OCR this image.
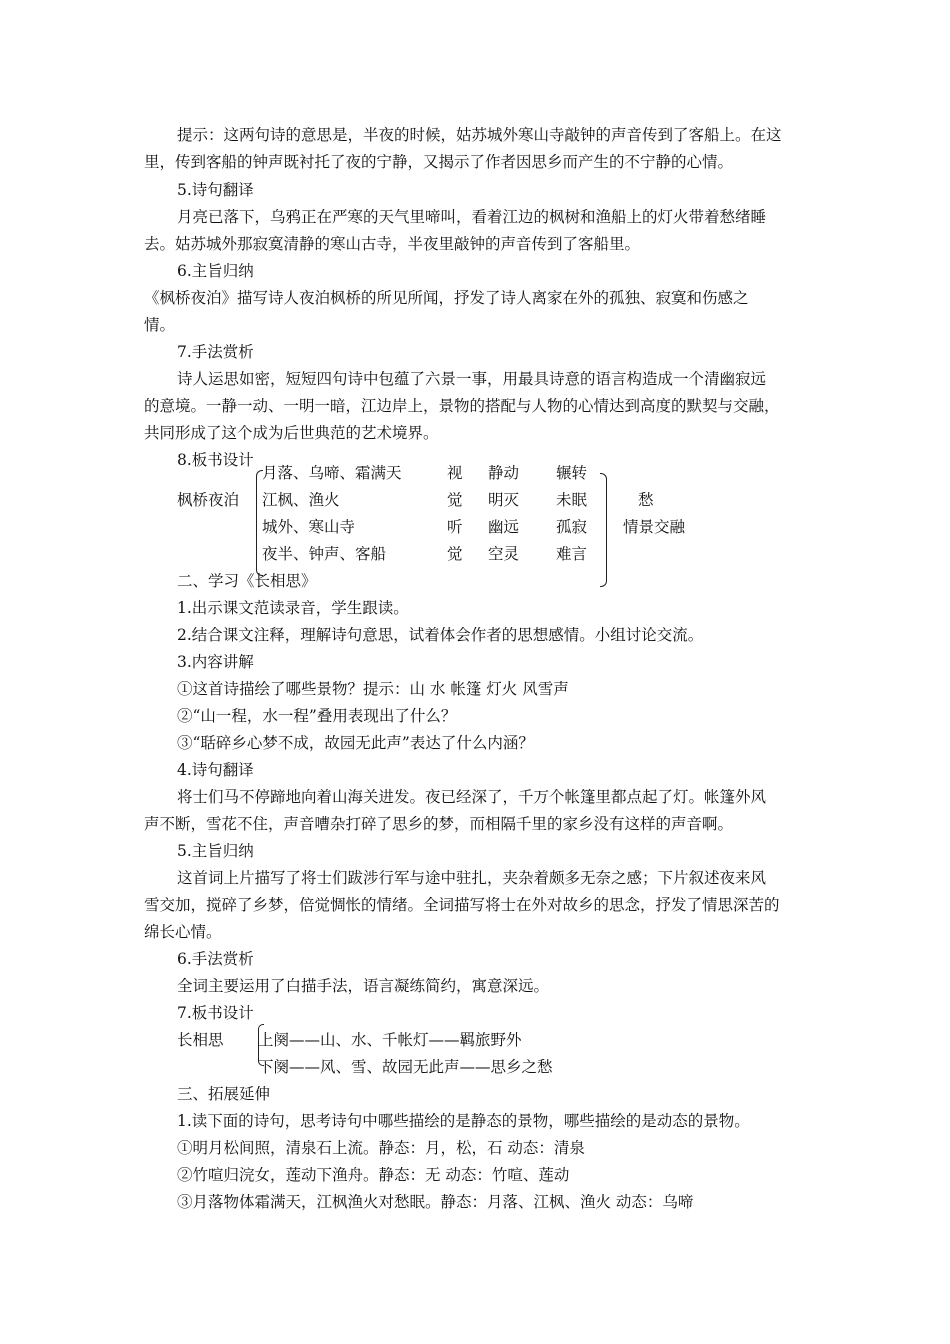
提示：这两句诗的意思是，半夜的时候，姑苏城外寒山寺敲钟的声音传到了客船上。在这
里，传到客船的钟声既衬托了夜的宁静，又揭示了作者因思乡而产生的不宁静的心情。
5.诗句翻译
月亮已落下，乌鸦正在严寒的天气里啼叫，看着江边的枫树和渔船上的灯火带着愁绪睡
去。姑苏城外那寂寞清静的寒山古寺，半夜里敲钟的声音传到了客船里。
6.主旨归纳
《枫桥夜泊》描写诗人夜泊枫桥的所见所闻，抒发了诗人离家在外的孤独、寂寞和伤感之
情。
7.手法赏析
诗人运思如密，短短四句诗中包蕴了六景一事，用最具诗意的语言构造成一个清幽寂远
的意境。一静一动、一明一暗，江边岸上，景物的搭配与人物的心情达到高度的默契与交融，
共同形成了这个成为后世典范的艺术境界。
8.板书设计
枫桥夜泊
月落、乌啼、霜满天	视 静动 辗转
江枫、渔火	觉 明灭 未眠
城外、寒山寺	听 幽远 孤寂
夜半、钟声、客船	觉 空灵 难言
愁
情景交融
二、学习《长相思》
1.出示课文范读录音，学生跟读。
2.结合课文注释，理解诗句意思，试着体会作者的思想感情。小组讨论交流。
3.内容讲解
①这首诗描绘了哪些景物？提示：山 水 帐篷 灯火 风雪声
②“山一程，水一程”叠用表现出了什么？
③“聒碎乡心梦不成，故园无此声”表达了什么内涵？
4.诗句翻译
将士们马不停蹄地向着山海关进发。夜已经深了，千万个帐篷里都点起了灯。帐篷外风
声不断，雪花不住，声音嘈杂打碎了思乡的梦，而相隔千里的家乡没有这样的声音啊。
5.主旨归纳
这首词上片描写了将士们跋涉行军与途中驻扎，夹杂着颇多无奈之感；下片叙述夜来风
雪交加，搅碎了乡梦，倍觉惆怅的情绪。全词描写将士在外对故乡的思念，抒发了情思深苦的
绵长心情。
6.手法赏析
全词主要运用了白描手法，语言凝练简约，寓意深远。
7.板书设计
长相思 上阕——山、水、千帐灯——羁旅野外
下阕——风、雪、故园无此声——思乡之愁
三、拓展延伸
1.读下面的诗句，思考诗句中哪些描绘的是静态的景物，哪些描绘的是动态的景物。
①明月松间照，清泉石上流。静态：月，松，石 动态：清泉
②竹喧归浣女，莲动下渔舟。静态：无 动态：竹喧、莲动
③月落物体霜满天，江枫渔火对愁眠。静态：月落、江枫、渔火 动态：乌啼
